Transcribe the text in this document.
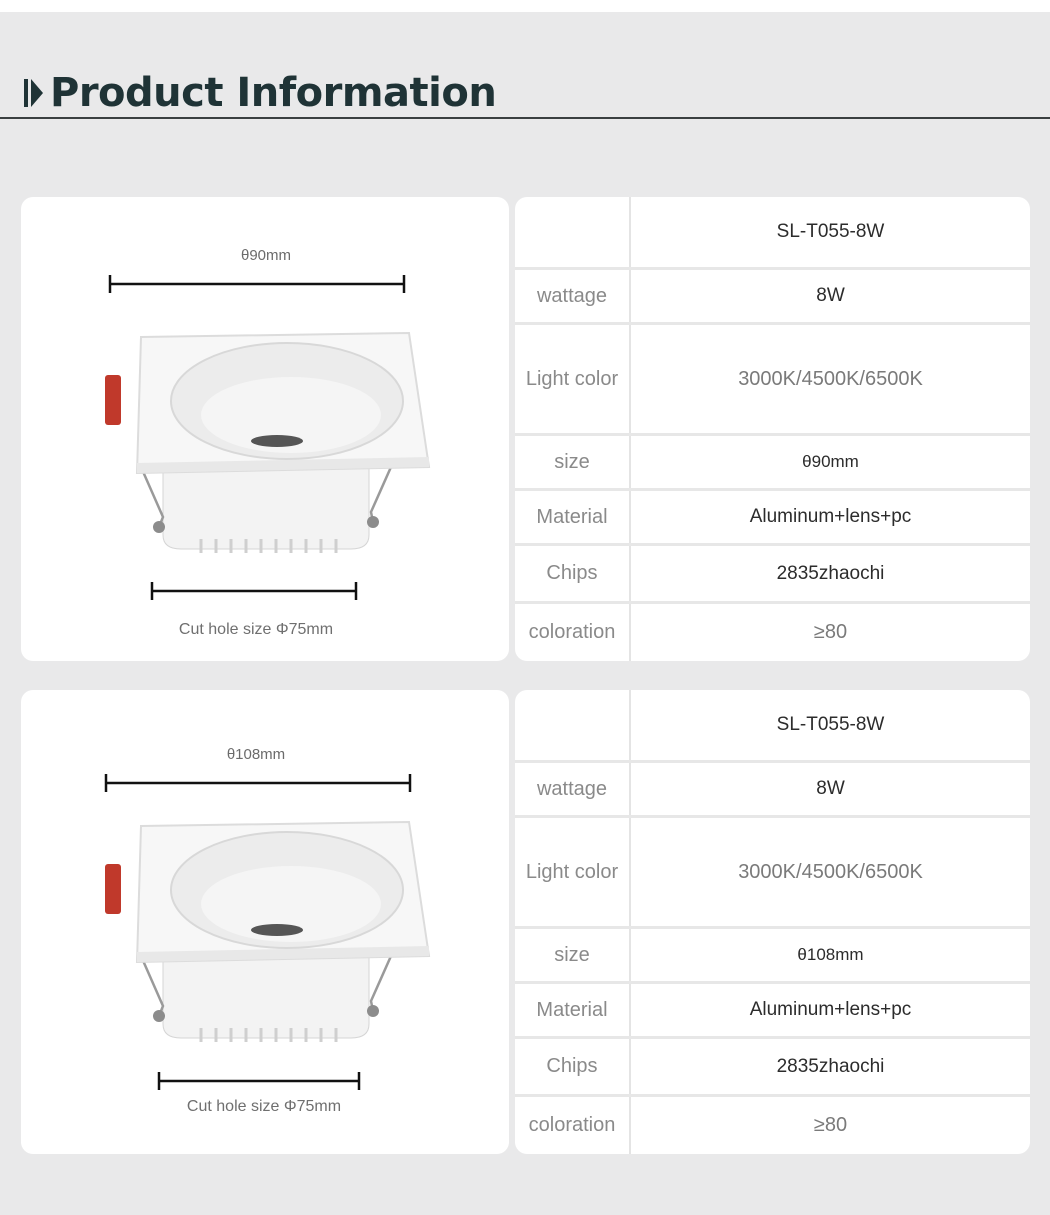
Product Information
θ90mm
Cut hole size Φ75mm
SL-T055-8W
wattage	8W
Light color	3000K/4500K/6500K
size	θ90mm
Material	Aluminum+lens+pc
Chips	2835zhaochi
coloration	≥80
θ108mm
Cut hole size Φ75mm
SL-T055-8W
wattage	8W
Light color	3000K/4500K/6500K
size	θ108mm
Material	Aluminum+lens+pc
Chips	2835zhaochi
coloration	≥80
